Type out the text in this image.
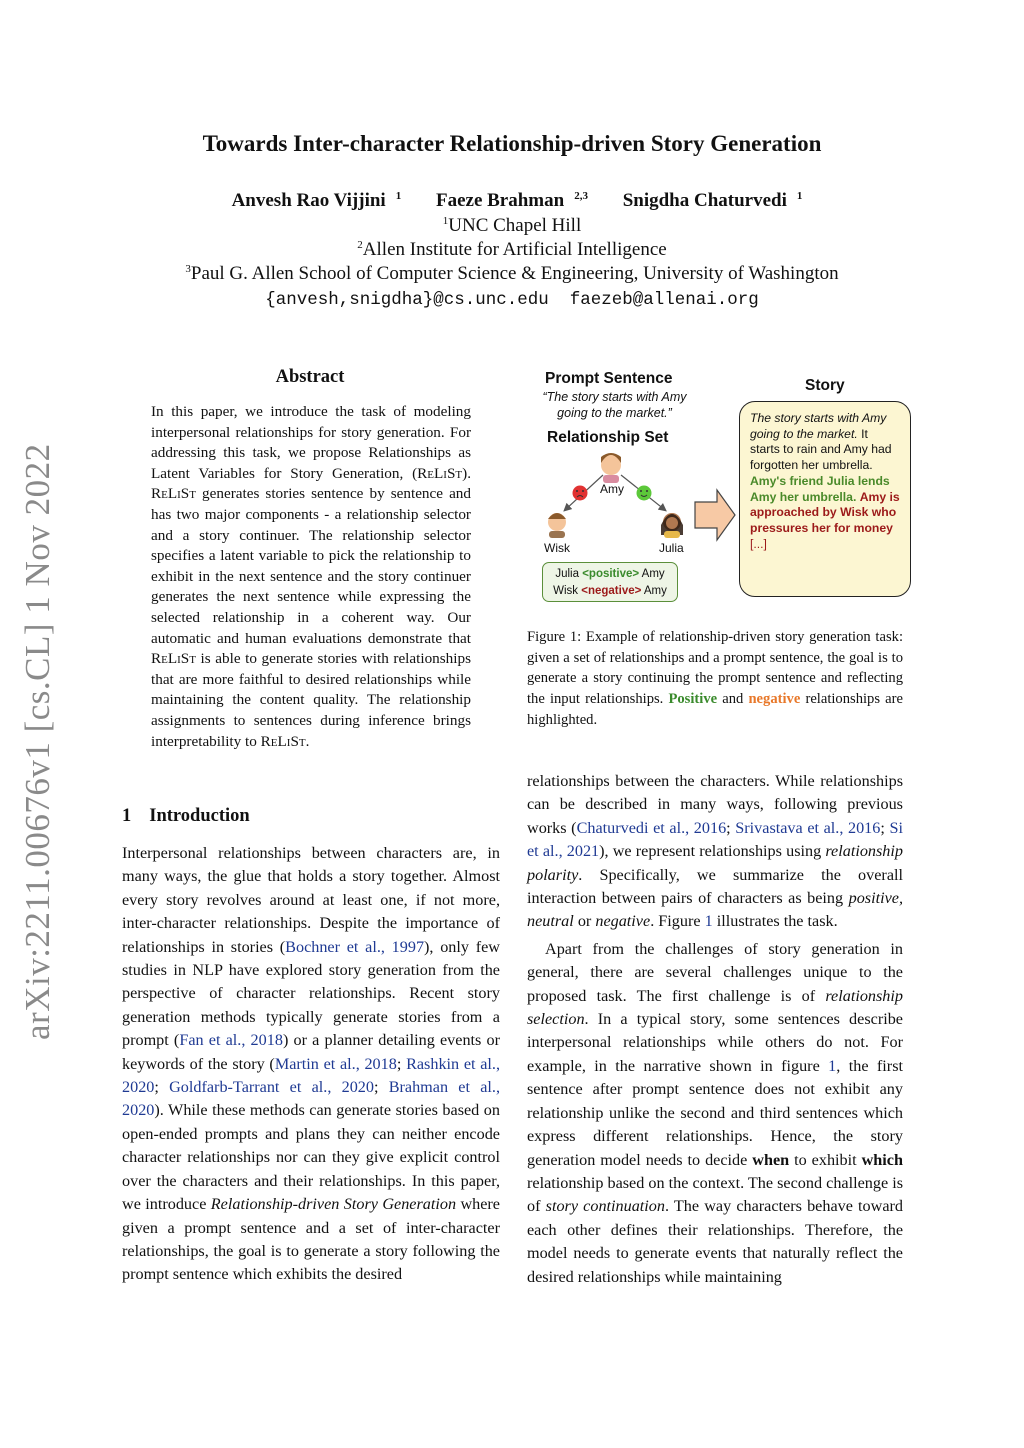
arXiv:2211.00676v1 [cs.CL] 1 Nov 2022
Towards Inter-character Relationship-driven Story Generation
Anvesh Rao Vijjini $^1$ Faeze Brahman $^{2,3}$ Snigdha Chaturvedi $^1$
$^1$UNC Chapel Hill
$^2$Allen Institute for Artificial Intelligence
$^3$Paul G. Allen School of Computer Science & Engineering, University of Washington
{anvesh,snigdha}@cs.unc.edu  faezeb@allenai.org
Abstract
In this paper, we introduce the task of modeling interpersonal relationships for story generation. For addressing this task, we propose Relationships as Latent Variables for Story Generation, (ReLiSt). ReLiSt generates stories sentence by sentence and has two major components - a relationship selector and a story continuer. The relationship selector specifies a latent variable to pick the relationship to exhibit in the next sentence and the story continuer generates the next sentence while expressing the selected relationship in a coherent way. Our automatic and human evaluations demonstrate that ReLiSt is able to generate stories with relationships that are more faithful to desired relationships while maintaining the content quality. The relationship assignments to sentences during inference brings interpretability to ReLiSt.
1 Introduction

Interpersonal relationships between characters are, in many ways, the glue that holds a story together. Almost every story revolves around at least one, if not more, inter-character relationships. Despite the importance of relationships in stories (Bochner et al., 1997), only few studies in NLP have explored story generation from the perspective of character relationships. Recent story generation methods typically generate stories from a prompt (Fan et al., 2018) or a planner detailing events or keywords of the story (Martin et al., 2018; Rashkin et al., 2020; Goldfarb-Tarrant et al., 2020; Brahman et al., 2020). While these methods can generate stories based on open-ended prompts and plans they can neither encode character relationships nor can they give explicit control over the characters and their relationships. In this paper, we introduce Relationship-driven Story Generation where given a prompt sentence and a set of inter-character relationships, the goal is to generate a story following the prompt sentence which exhibits the desired

Prompt Sentence
“The story starts with Amy going to the market.”
Relationship Set
Story
Amy
Wisk	Julia
Julia <positive> Amy
Wisk <negative> Amy
The story starts with Amy going to the market. It starts to rain and Amy had forgotten her umbrella. Amy's friend Julia lends Amy her umbrella. Amy is approached by Wisk who pressures her for money [...]
Figure 1: Example of relationship-driven story generation task: given a set of relationships and a prompt sentence, the goal is to generate a story continuing the prompt sentence and reflecting the input relationships. Positive and negative relationships are highlighted.

relationships between the characters. While relationships can be described in many ways, following previous works (Chaturvedi et al., 2016; Srivastava et al., 2016; Si et al., 2021), we represent relationships using relationship polarity. Specifically, we summarize the overall interaction between pairs of characters as being positive, neutral or negative. Figure 1 illustrates the task.

Apart from the challenges of story generation in general, there are several challenges unique to the proposed task. The first challenge is of relationship selection. In a typical story, some sentences describe interpersonal relationships while others do not. For example, in the narrative shown in figure 1, the first sentence after prompt sentence does not exhibit any relationship unlike the second and third sentences which express different relationships. Hence, the story generation model needs to decide when to exhibit which relationship based on the context. The second challenge is of story continuation. The way characters behave toward each other defines their relationships. Therefore, the model needs to generate events that naturally reflect the desired relationships while maintaining
